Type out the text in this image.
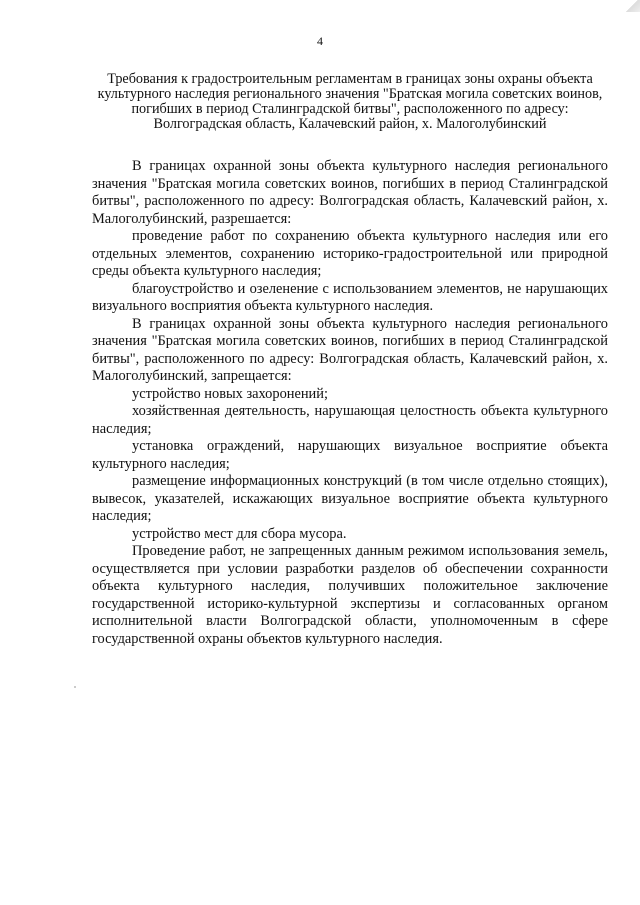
4
Требования к градостроительным регламентам в границах зоны охраны объекта культурного наследия регионального значения "Братская могила советских воинов, погибших в период Сталинградской битвы", расположенного по адресу: Волгоградская область, Калачевский район, х. Малоголубинский

В границах охранной зоны объекта культурного наследия регионального значения "Братская могила советских воинов, погибших в период Сталинградской битвы", расположенного по адресу: Волгоградская область, Калачевский район, х. Малоголубинский, разрешается:

проведение работ по сохранению объекта культурного наследия или его отдельных элементов, сохранению историко-градостроительной или природной среды объекта культурного наследия;

благоустройство и озеленение с использованием элементов, не нарушающих визуального восприятия объекта культурного наследия.

В границах охранной зоны объекта культурного наследия регионального значения "Братская могила советских воинов, погибших в период Сталинградской битвы", расположенного по адресу: Волгоградская область, Калачевский район, х. Малоголубинский, запрещается:

устройство новых захоронений;

хозяйственная деятельность, нарушающая целостность объекта культурного наследия;

установка ограждений, нарушающих визуальное восприятие объекта культурного наследия;

размещение информационных конструкций (в том числе отдельно стоящих), вывесок, указателей, искажающих визуальное восприятие объекта культурного наследия;

устройство мест для сбора мусора.

Проведение работ, не запрещенных данным режимом использования земель, осуществляется при условии разработки разделов об обеспечении сохранности объекта культурного наследия, получивших положительное заключение государственной историко-культурной экспертизы и согласованных органом исполнительной власти Волгоградской области, уполномоченным в сфере государственной охраны объектов культурного наследия.
